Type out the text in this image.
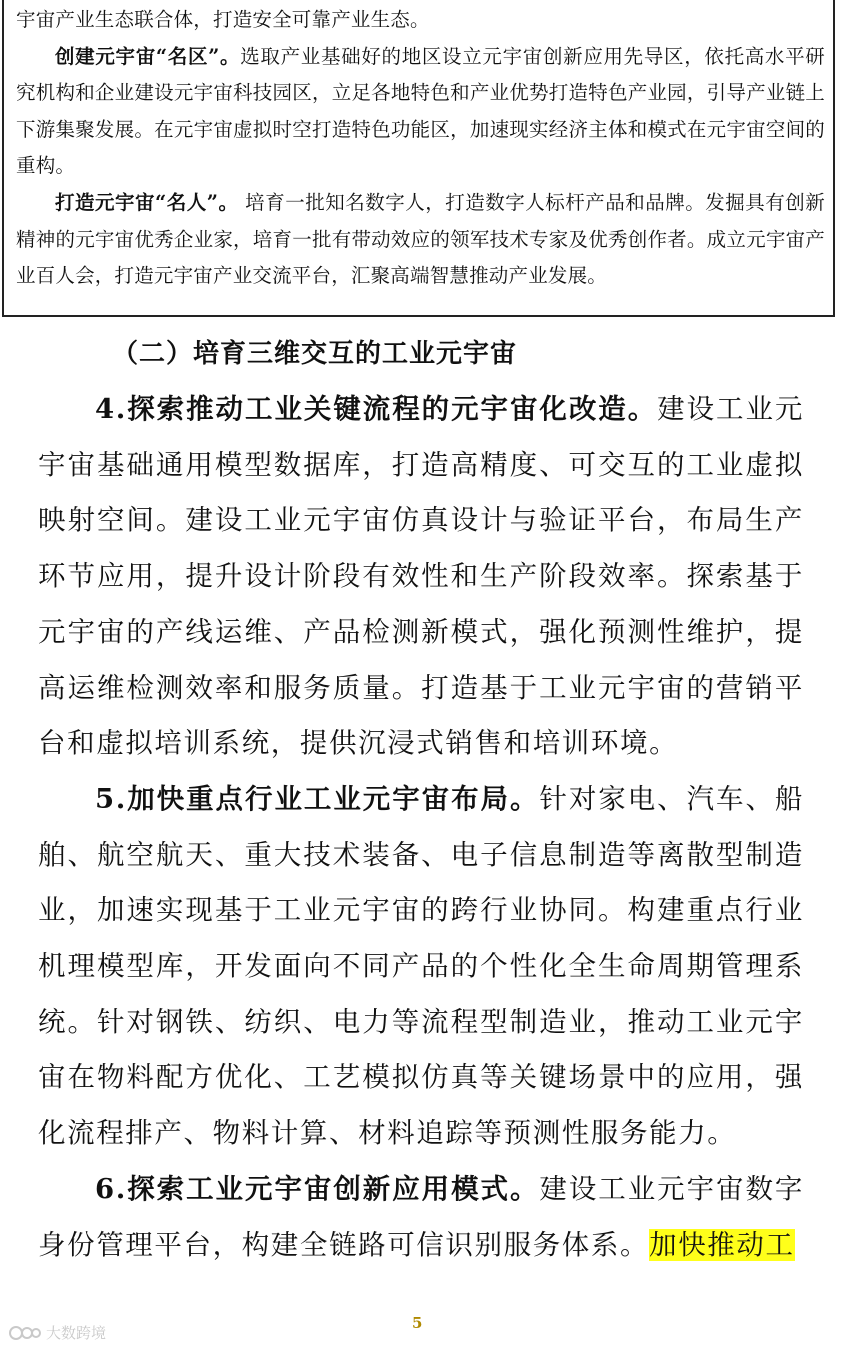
宇宙产业生态联合体，打造安全可靠产业生态。

创建元宇宙“名区”。选取产业基础好的地区设立元宇宙创新应用先导区，依托高水平研究机构和企业建设元宇宙科技园区，立足各地特色和产业优势打造特色产业园，引导产业链上下游集聚发展。在元宇宙虚拟时空打造特色功能区，加速现实经济主体和模式在元宇宙空间的重构。

打造元宇宙“名人”。 培育一批知名数字人，打造数字人标杆产品和品牌。发掘具有创新精神的元宇宙优秀企业家，培育一批有带动效应的领军技术专家及优秀创作者。成立元宇宙产业百人会，打造元宇宙产业交流平台，汇聚高端智慧推动产业发展。

（二）培育三维交互的工业元宇宙

4.探索推动工业关键流程的元宇宙化改造。建设工业元宇宙基础通用模型数据库，打造高精度、可交互的工业虚拟映射空间。建设工业元宇宙仿真设计与验证平台，布局生产环节应用，提升设计阶段有效性和生产阶段效率。探索基于元宇宙的产线运维、产品检测新模式，强化预测性维护，提高运维检测效率和服务质量。打造基于工业元宇宙的营销平台和虚拟培训系统，提供沉浸式销售和培训环境。

5.加快重点行业工业元宇宙布局。针对家电、汽车、船舶、航空航天、重大技术装备、电子信息制造等离散型制造业，加速实现基于工业元宇宙的跨行业协同。构建重点行业机理模型库，开发面向不同产品的个性化全生命周期管理系统。针对钢铁、纺织、电力等流程型制造业，推动工业元宇宙在物料配方优化、工艺模拟仿真等关键场景中的应用，强化流程排产、物料计算、材料追踪等预测性服务能力。

6.探索工业元宇宙创新应用模式。建设工业元宇宙数字身份管理平台，构建全链路可信识别服务体系。加快推动工

5

大数跨境
